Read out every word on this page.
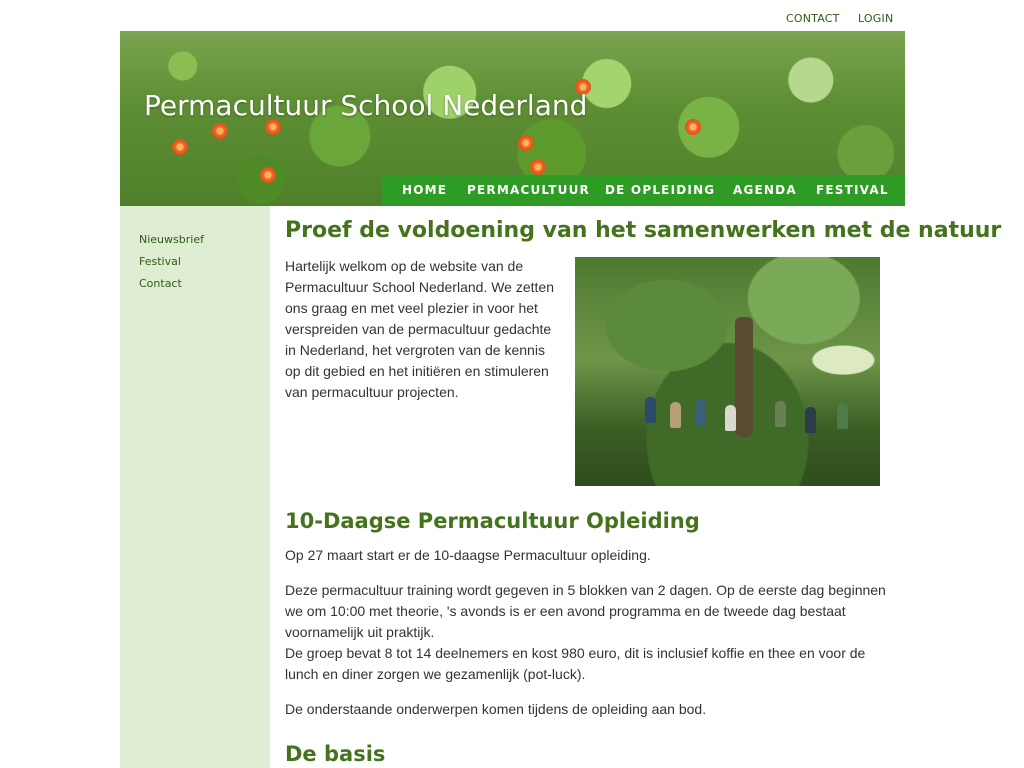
CONTACT LOGIN
Permacultuur School Nederland
HOME PERMACULTUUR DE OPLEIDING AGENDA FESTIVAL
Nieuwsbrief
Festival
Contact
Proef de voldoening van het samenwerken met de natuur

Hartelijk welkom op de website van de Permacultuur School Nederland. We zetten ons graag en met veel plezier in voor het verspreiden van de permacultuur gedachte in Nederland, het vergroten van de kennis op dit gebied en het initiëren en stimuleren van permacultuur projecten.

10-Daagse Permacultuur Opleiding

Op 27 maart start er de 10-daagse Permacultuur opleiding.

Deze permacultuur training wordt gegeven in 5 blokken van 2 dagen. Op de eerste dag beginnen we om 10:00 met theorie, 's avonds is er een avond programma en de tweede dag bestaat voornamelijk uit praktijk.

De groep bevat 8 tot 14 deelnemers en kost 980 euro, dit is inclusief koffie en thee en voor de lunch en diner zorgen we gezamenlijk (pot-luck).

De onderstaande onderwerpen komen tijdens de opleiding aan bod.

De basis
